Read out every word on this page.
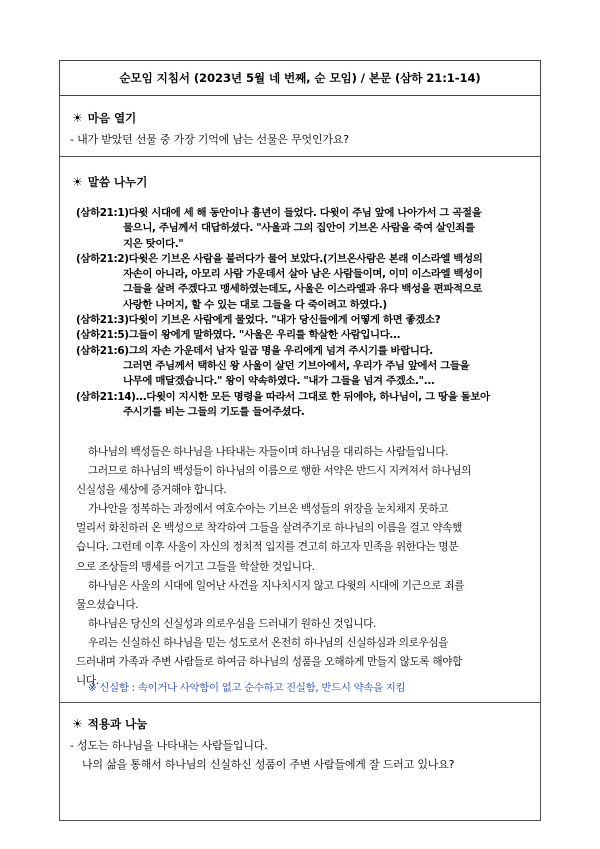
순모임 지침서 (2023년 5월 네 번째, 순 모임) / 본문 (삼하 21:1-14)
☀ 마음 열기
- 내가 받았던 선물 중 가장 기억에 남는 선물은 무엇인가요?
☀ 말씀 나누기
(삼하21:1)다윗 시대에 세 해 동안이나 흉년이 들었다. 다윗이 주님 앞에 나아가서 그 곡절을
물으니, 주님께서 대답하셨다. "사울과 그의 집안이 기브온 사람을 죽여 살인죄를
지은 탓이다."
(삼하21:2)다윗은 기브온 사람을 불러다가 물어 보았다.(기브온사람은 본래 이스라엘 백성의
자손이 아니라, 아모리 사람 가운데서 살아 남은 사람들이며, 이미 이스라엘 백성이
그들을 살려 주겠다고 맹세하였는데도, 사울은 이스라엘과 유다 백성을 편파적으로
사랑한 나머지, 할 수 있는 대로 그들을 다 죽이려고 하였다.)
(삼하21:3)다윗이 기브온 사람에게 물었다. "내가 당신들에게 어떻게 하면 좋겠소?
(삼하21:5)그들이 왕에게 말하였다. "사울은 우리를 학살한 사람입니다...
(삼하21:6)그의 자손 가운데서 남자 일곱 명을 우리에게 넘겨 주시기를 바랍니다.
그러면 주님께서 택하신 왕 사울이 살던 기브아에서, 우리가 주님 앞에서 그들을
나무에 매달겠습니다." 왕이 약속하였다. "내가 그들을 넘겨 주겠소."...
(삼하21:14)...다윗이 지시한 모든 명령을 따라서 그대로 한 뒤에야, 하나님이, 그 땅을 돌보아
주시기를 비는 그들의 기도를 들어주셨다.

하나님의 백성들은 하나님을 나타내는 자들이며 하나님을 대리하는 사람들입니다.

그러므로 하나님의 백성들이 하나님의 이름으로 행한 서약은 반드시 지켜져서 하나님의

신실성을 세상에 증거해야 합니다.

가나안을 정복하는 과정에서 여호수아는 기브온 백성들의 위장을 눈치채지 못하고

멀리서 화친하러 온 백성으로 착각하여 그들을 살려주기로 하나님의 이름을 걸고 약속했

습니다. 그런데 이후 사울이 자신의 정치적 입지를 견고히 하고자 민족을 위한다는 명분

으로 조상들의 맹세를 어기고 그들을 학살한 것입니다.

하나님은 사울의 시대에 일어난 사건을 지나치시지 않고 다윗의 시대에 기근으로 죄를

물으셨습니다.

하나님은 당신의 신실성과 의로우심을 드러내기 원하신 것입니다.

우리는 신실하신 하나님을 믿는 성도로서 온전히 하나님의 신실하심과 의로우심을

드러내며 가족과 주변 사람들로 하여금 하나님의 성품을 오해하게 만들지 않도록 해야합

니다.

※ 신실함 : 속이거나 사악함이 없고 순수하고 진실함, 반드시 약속을 지킴
☀ 적용과 나눔
- 성도는 하나님을 나타내는 사람들입니다.
나의 삶을 통해서 하나님의 신실하신 성품이 주변 사람들에게 잘 드러고 있나요?
